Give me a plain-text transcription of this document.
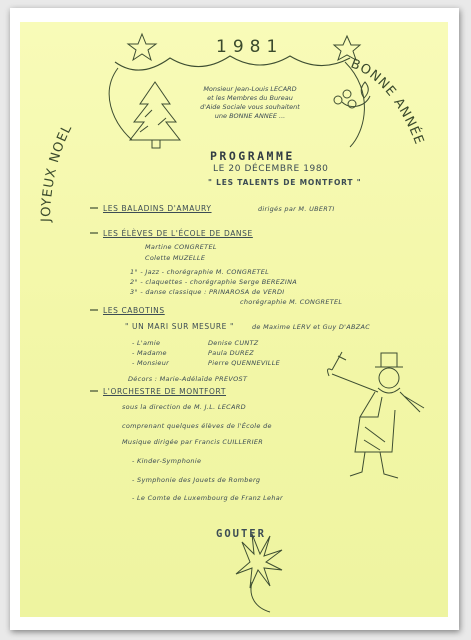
JOYEUX NOEL
BONNE ANNÉE
1981
Monsieur Jean-Louis LECARD
et les Membres du Bureau
d'Aide Sociale vous souhaitent
une BONNE ANNEE ...
PROGRAMME
LE 20 DÉCEMBRE 1980
" LES TALENTS DE MONTFORT "
LES BALADINS D'AMAURY	dirigés par M. UBERTI
LES ÉLÈVES DE L'ÉCOLE DE DANSE
Martine CONGRETEL
Colette MUZELLE
1° - Jazz - chorégraphie M. CONGRETEL
2° - claquettes - chorégraphie Serge BEREZINA
3° - danse classique : PRINAROSA de VERDI
chorégraphie M. CONGRETEL
LES CABOTINS
" UN MARI SUR MESURE "	de Maxime LERV et Guy D'ABZAC
- L'amie
- Madame
- Monsieur
Denise CUNTZ
Paula DUREZ
Pierre QUENNEVILLE
Décors : Marie-Adélaïde PREVOST
L'ORCHESTRE DE MONTFORT
sous la direction de M. J.L. LECARD
comprenant quelques élèves de l'École de
Musique dirigée par Francis CUILLERIER
- Kinder-Symphonie
- Symphonie des Jouets de Romberg
- Le Comte de Luxembourg de Franz Lehar
GOUTER
